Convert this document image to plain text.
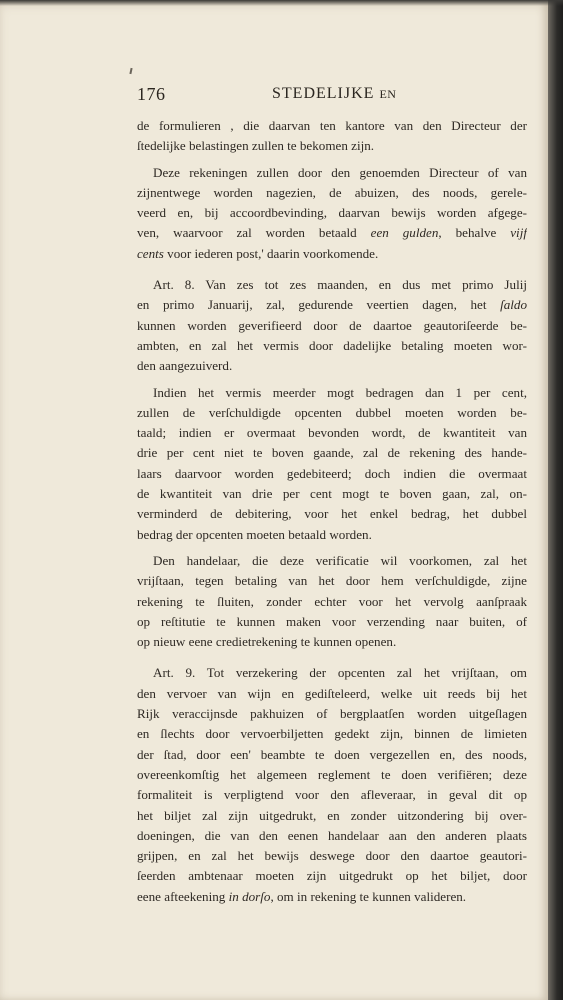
176	STEDELIJKE EN

de formulieren , die daarvan ten kantore van den Directeur der
ſtedelijke belastingen zullen te bekomen zijn.

Deze rekeningen zullen door den genoemden Directeur of van
zijnentwege worden nagezien, de abuizen, des noods, gerele-
veerd en, bij accoordbevinding, daarvan bewijs worden afgege-
ven, waarvoor zal worden betaald een gulden, behalve vijf
cents voor iederen post,' daarin voorkomende.

Art. 8. Van zes tot zes maanden, en dus met primo Julij
en primo Januarij, zal, gedurende veertien dagen, het ſaldo
kunnen worden geverifieerd door de daartoe geautoriſeerde be-
ambten, en zal het vermis door dadelijke betaling moeten wor-
den aangezuiverd.

Indien het vermis meerder mogt bedragen dan 1 per cent,
zullen de verſchuldigde opcenten dubbel moeten worden be-
taald; indien er overmaat bevonden wordt, de kwantiteit van
drie per cent niet te boven gaande, zal de rekening des hande-
laars daarvoor worden gedebiteerd; doch indien die overmaat
de kwantiteit van drie per cent mogt te boven gaan, zal, on-
verminderd de debitering, voor het enkel bedrag, het dubbel
bedrag der opcenten moeten betaald worden.

Den handelaar, die deze verificatie wil voorkomen, zal het
vrijſtaan, tegen betaling van het door hem verſchuldigde, zijne
rekening te ſluiten, zonder echter voor het vervolg aanſpraak
op reſtitutie te kunnen maken voor verzending naar buiten, of
op nieuw eene credietrekening te kunnen openen.

Art. 9. Tot verzekering der opcenten zal het vrijſtaan, om
den vervoer van wijn en gediſteleerd, welke uit reeds bij het
Rijk veraccijnsde pakhuizen of bergplaatſen worden uitgeſlagen
en ſlechts door vervoerbiljetten gedekt zijn, binnen de limieten
der ſtad, door een' beambte te doen vergezellen en, des noods,
overeenkomſtig het algemeen reglement te doen verifiëren; deze
formaliteit is verpligtend voor den afleveraar, in geval dit op
het biljet zal zijn uitgedrukt, en zonder uitzondering bij over-
doeningen, die van den eenen handelaar aan den anderen plaats
grijpen, en zal het bewijs deswege door den daartoe geautori-
ſeerden ambtenaar moeten zijn uitgedrukt op het biljet, door
eene afteekening in dorſo, om in rekening te kunnen valideren.
